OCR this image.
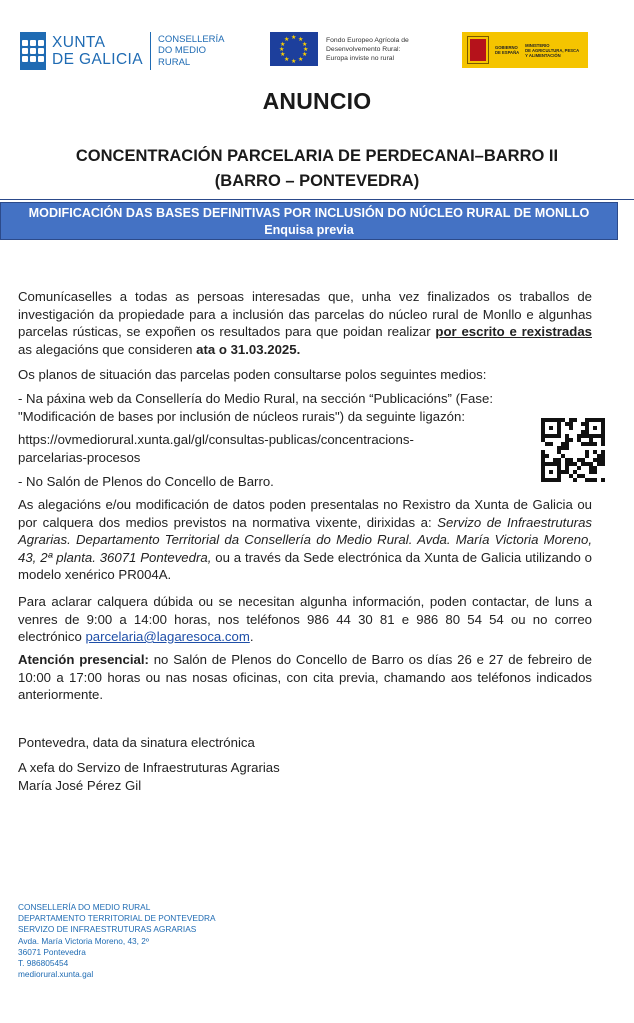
XUNTA
DE GALICIA
CONSELLERÍA
DO MEDIO
RURAL
★ ★
★
★
★
★
★
★
★
★
★
★	Fondo Europeo Agrícola de
Desenvolvemento Rural:
Europa inviste no rural
GOBIERNO
DE ESPAÑA
MINISTERIO
DE AGRICULTURA, PESCA
Y ALIMENTACIÓN
ANUNCIO
CONCENTRACIÓN PARCELARIA DE PERDECANAI–BARRO II
(BARRO – PONTEVEDRA)
MODIFICACIÓN DAS BASES DEFINITIVAS POR INCLUSIÓN DO NÚCLEO RURAL DE MONLLO
Enquisa previa
Comunícaselles a todas as persoas interesadas que, unha vez finalizados os traballos de investigación da propiedade para a inclusión das parcelas do núcleo rural de Monllo e algunhas parcelas rústicas, se expoñen os resultados para que poidan realizar por escrito e rexistradas as alegacións que consideren ata o 31.03.2025.
Os planos de situación das parcelas poden consultarse polos seguintes medios:
- Na páxina web da Consellería do Medio Rural, na sección “Publicacións” (Fase:
"Modificación de bases por inclusión de núcleos rurais") da seguinte ligazón:
https://ovmediorural.xunta.gal/gl/consultas-publicas/concentracions-
parcelarias-procesos
- No Salón de Plenos do Concello de Barro.
As alegacións e/ou modificación de datos poden presentalas no Rexistro da Xunta de Galicia ou por calquera dos medios previstos na normativa vixente, dirixidas a: Servizo de Infraestruturas Agrarias. Departamento Territorial da Consellería do Medio Rural. Avda. María Victoria Moreno, 43, 2ª planta. 36071 Pontevedra, ou a través da Sede electrónica da Xunta de Galicia utilizando o modelo xenérico PR004A.
Para aclarar calquera dúbida ou se necesitan algunha información, poden contactar, de luns a venres de 9:00 a 14:00 horas, nos teléfonos 986 44 30 81 e 986 80 54 54 ou no correo electrónico parcelaria@lagaresoca.com.
Atención presencial: no Salón de Plenos do Concello de Barro os días 26 e 27 de febreiro de 10:00 a 17:00 horas ou nas nosas oficinas, con cita previa, chamando aos teléfonos indicados anteriormente.
Pontevedra, data da sinatura electrónica
A xefa do Servizo de Infraestruturas Agrarias
María José Pérez Gil
CONSELLERÍA DO MEDIO RURAL
DEPARTAMENTO TERRITORIAL DE PONTEVEDRA
SERVIZO DE INFRAESTRUTURAS AGRARIAS
Avda. María Victoria Moreno, 43, 2º
36071 Pontevedra
T. 986805454
mediorural.xunta.gal
